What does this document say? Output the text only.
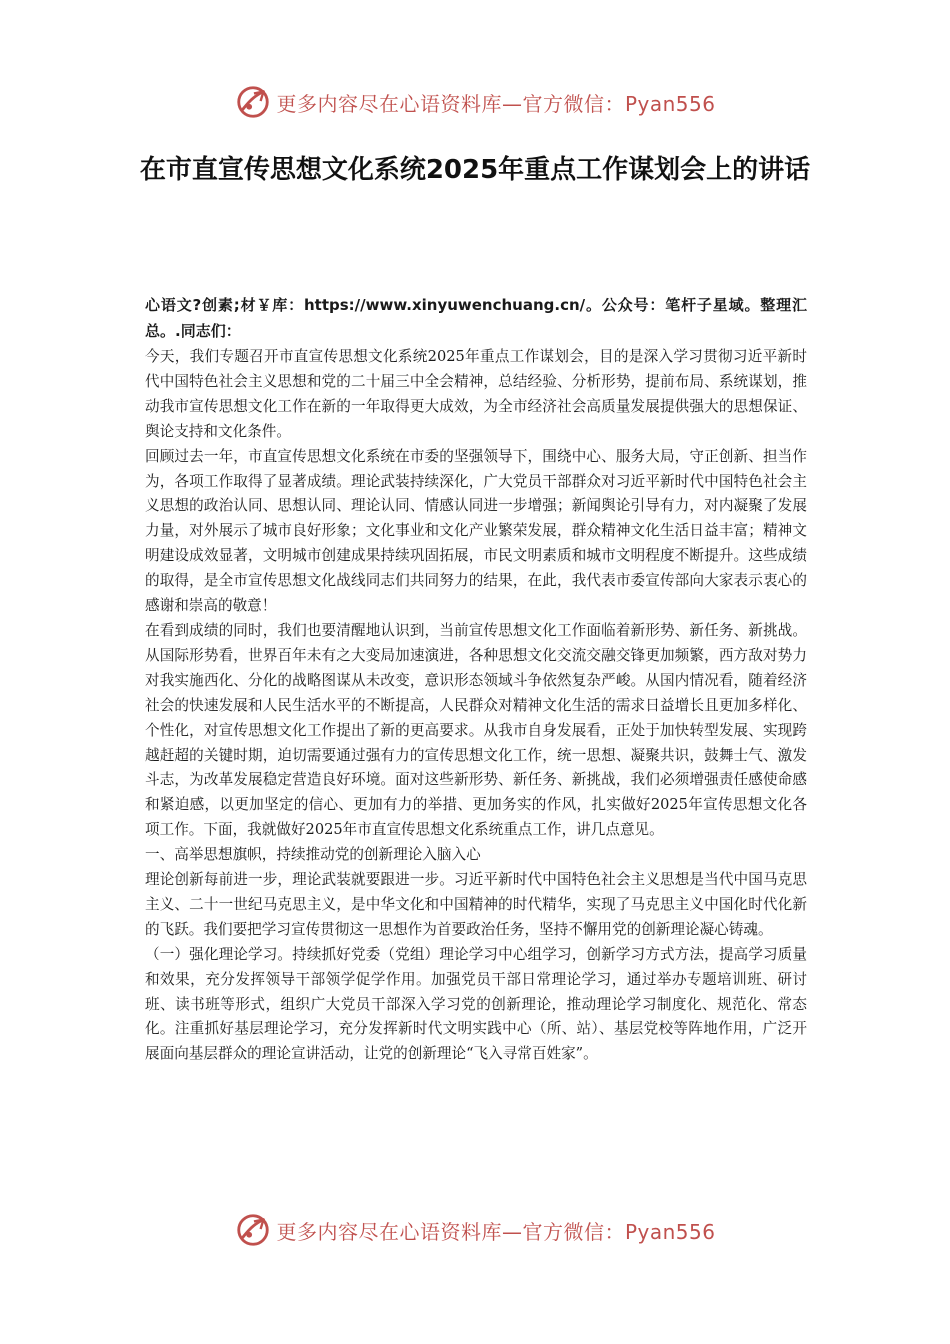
更多内容尽在心语资料库—官方微信：Pyan556
在市直宣传思想文化系统2025年重点工作谋划会上的讲话

心语文?创素;材￥库：https://www.xinyuwenchuang.cn/。公众号：笔杆子星域。整理汇总。.同志们：

今天，我们专题召开市直宣传思想文化系统2025年重点工作谋划会，目的是深入学习贯彻习近平新时代中国特色社会主义思想和党的二十届三中全会精神，总结经验、分析形势，提前布局、系统谋划，推动我市宣传思想文化工作在新的一年取得更大成效，为全市经济社会高质量发展提供强大的思想保证、舆论支持和文化条件。

回顾过去一年，市直宣传思想文化系统在市委的坚强领导下，围绕中心、服务大局，守正创新、担当作为，各项工作取得了显著成绩。理论武装持续深化，广大党员干部群众对习近平新时代中国特色社会主义思想的政治认同、思想认同、理论认同、情感认同进一步增强；新闻舆论引导有力，对内凝聚了发展力量，对外展示了城市良好形象；文化事业和文化产业繁荣发展，群众精神文化生活日益丰富；精神文明建设成效显著，文明城市创建成果持续巩固拓展，市民文明素质和城市文明程度不断提升。这些成绩的取得，是全市宣传思想文化战线同志们共同努力的结果，在此，我代表市委宣传部向大家表示衷心的感谢和崇高的敬意！

在看到成绩的同时，我们也要清醒地认识到，当前宣传思想文化工作面临着新形势、新任务、新挑战。从国际形势看，世界百年未有之大变局加速演进，各种思想文化交流交融交锋更加频繁，西方敌对势力对我实施西化、分化的战略图谋从未改变，意识形态领域斗争依然复杂严峻。从国内情况看，随着经济社会的快速发展和人民生活水平的不断提高，人民群众对精神文化生活的需求日益增长且更加多样化、个性化，对宣传思想文化工作提出了新的更高要求。从我市自身发展看，正处于加快转型发展、实现跨越赶超的关键时期，迫切需要通过强有力的宣传思想文化工作，统一思想、凝聚共识，鼓舞士气、激发斗志，为改革发展稳定营造良好环境。面对这些新形势、新任务、新挑战，我们必须增强责任感使命感和紧迫感，以更加坚定的信心、更加有力的举措、更加务实的作风，扎实做好2025年宣传思想文化各项工作。下面，我就做好2025年市直宣传思想文化系统重点工作，讲几点意见。

一、高举思想旗帜，持续推动党的创新理论入脑入心

理论创新每前进一步，理论武装就要跟进一步。习近平新时代中国特色社会主义思想是当代中国马克思主义、二十一世纪马克思主义，是中华文化和中国精神的时代精华，实现了马克思主义中国化时代化新的飞跃。我们要把学习宣传贯彻这一思想作为首要政治任务，坚持不懈用党的创新理论凝心铸魂。

（一）强化理论学习。持续抓好党委（党组）理论学习中心组学习，创新学习方式方法，提高学习质量和效果，充分发挥领导干部领学促学作用。加强党员干部日常理论学习，通过举办专题培训班、研讨班、读书班等形式，组织广大党员干部深入学习党的创新理论，推动理论学习制度化、规范化、常态化。注重抓好基层理论学习，充分发挥新时代文明实践中心（所、站）、基层党校等阵地作用，广泛开展面向基层群众的理论宣讲活动，让党的创新理论“飞入寻常百姓家”。

更多内容尽在心语资料库—官方微信：Pyan556
